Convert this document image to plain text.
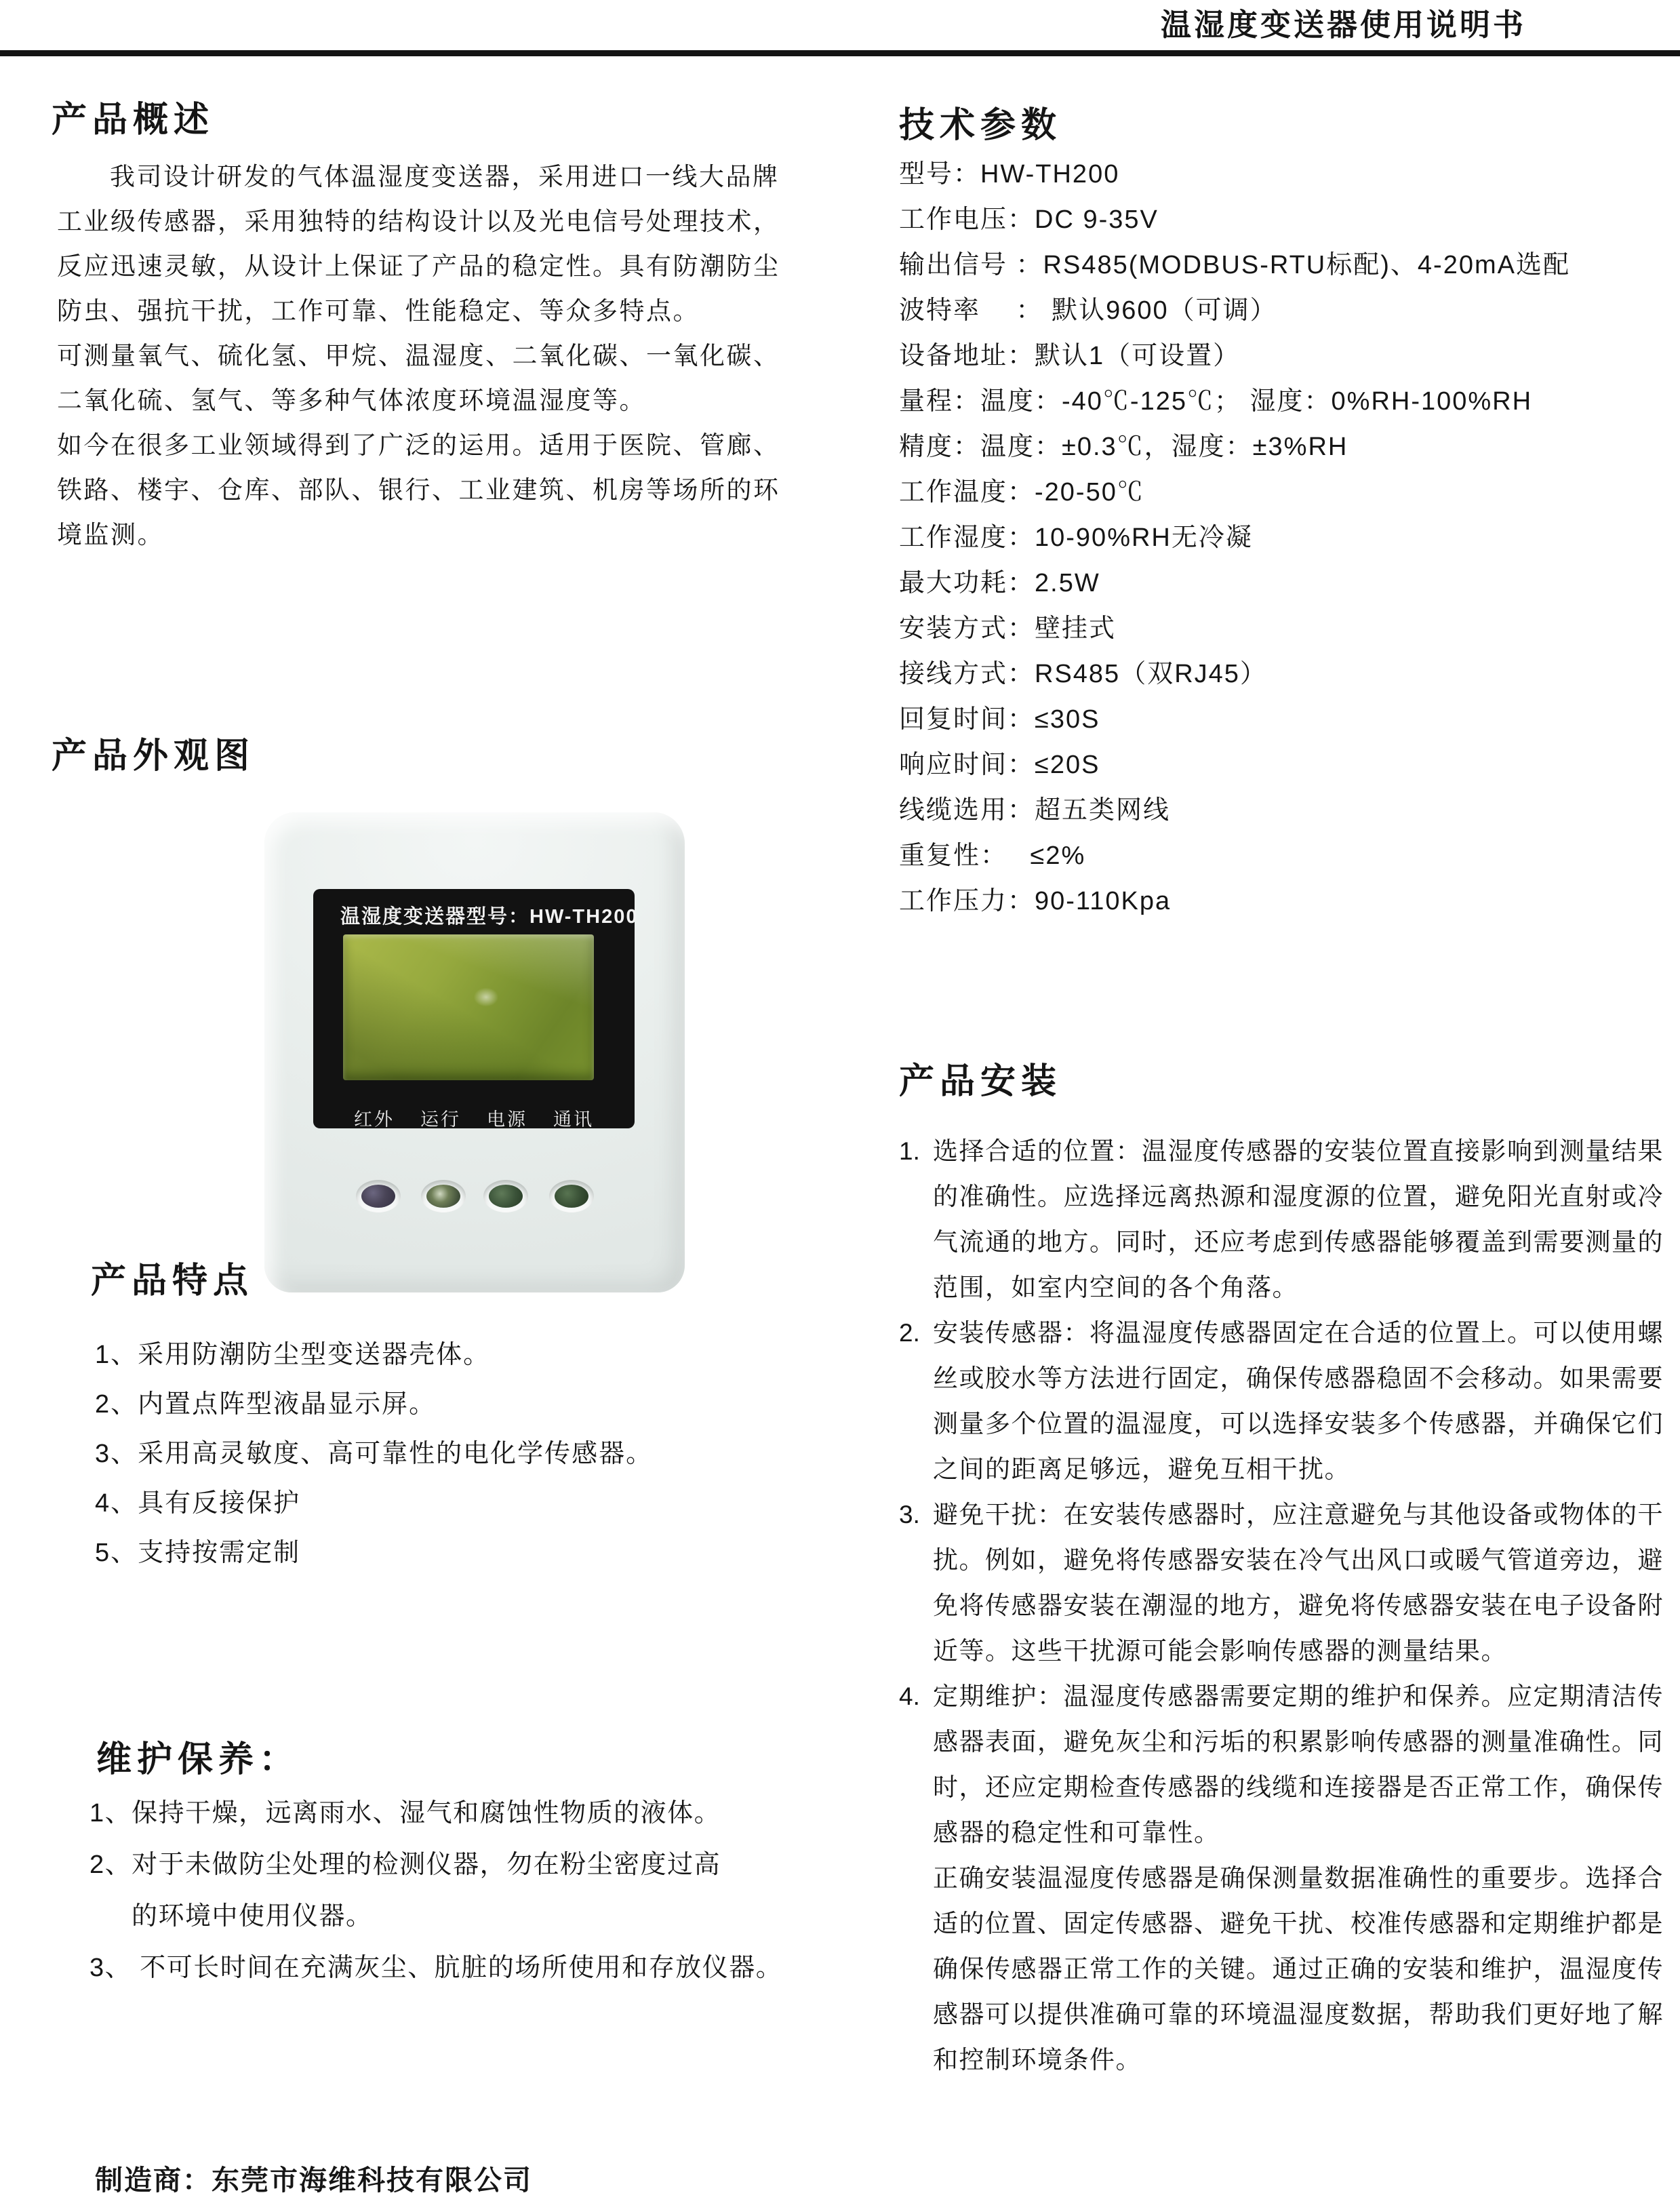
温湿度变送器使用说明书
产品概述
我司设计研发的气体温湿度变送器，采用进口一线大品牌
工业级传感器，采用独特的结构设计以及光电信号处理技术，
反应迅速灵敏，从设计上保证了产品的稳定性。具有防潮防尘
防虫、强抗干扰，工作可靠、性能稳定、等众多特点。
可测量氧气、硫化氢、甲烷、温湿度、二氧化碳、一氧化碳、
二氧化硫、氢气、等多种气体浓度环境温湿度等。
如今在很多工业领域得到了广泛的运用。适用于医院、管廊、
铁路、楼宇、仓库、部队、银行、工业建筑、机房等场所的环
境监测。
产品外观图
温湿度变送器 型号：HW-TH200
红外 运行 电源 通讯
产品特点
1、采用防潮防尘型变送器壳体。
2、内置点阵型液晶显示屏。
3、采用高灵敏度、高可靠性的电化学传感器。
4、具有反接保护
5、支持按需定制
维护保养：
1、保持干燥，远离雨水、湿气和腐蚀性物质的液体。
2、对于未做防尘处理的检测仪器，勿在粉尘密度过高
的环境中使用仪器。
3、 不可长时间在充满灰尘、肮脏的场所使用和存放仪器。
制造商：东莞市海维科技有限公司
技术参数
型号：HW-TH200
工作电压：DC 9-35V
输出信号 ：RS485(MODBUS-RTU标配)、4-20mA选配
波特率　 ： 默认9600（可调）
设备地址：默认1（可设置）
量程：温度：-40℃-125℃； 湿度：0%RH-100%RH
精度：温度：±0.3℃，湿度：±3%RH
工作温度：-20-50℃
工作湿度：10-90%RH无冷凝
最大功耗：2.5W
安装方式：壁挂式
接线方式：RS485（双RJ45）
回复时间：≤30S
响应时间：≤20S
线缆选用：超五类网线
重复性：　 ≤2%
工作压力：90-110Kpa
产品安装
1. 选择合适的位置：温湿度传感器的安装位置直接影响到测量结果
的准确性。应选择远离热源和湿度源的位置，避免阳光直射或冷
气流通的地方。同时，还应考虑到传感器能够覆盖到需要测量的
范围，如室内空间的各个角落。
2. 安装传感器：将温湿度传感器固定在合适的位置上。可以使用螺
丝或胶水等方法进行固定，确保传感器稳固不会移动。如果需要
测量多个位置的温湿度，可以选择安装多个传感器，并确保它们
之间的距离足够远，避免互相干扰。
3. 避免干扰：在安装传感器时，应注意避免与其他设备或物体的干
扰。例如，避免将传感器安装在冷气出风口或暖气管道旁边，避
免将传感器安装在潮湿的地方，避免将传感器安装在电子设备附
近等。这些干扰源可能会影响传感器的测量结果。
4. 定期维护：温湿度传感器需要定期的维护和保养。应定期清洁传
感器表面，避免灰尘和污垢的积累影响传感器的测量准确性。同
时，还应定期检查传感器的线缆和连接器是否正常工作，确保传
感器的稳定性和可靠性。
正确安装温湿度传感器是确保测量数据准确性的重要步。选择合
适的位置、固定传感器、避免干扰、校准传感器和定期维护都是
确保传感器正常工作的关键。通过正确的安装和维护，温湿度传
感器可以提供准确可靠的环境温湿度数据，帮助我们更好地了解
和控制环境条件。
